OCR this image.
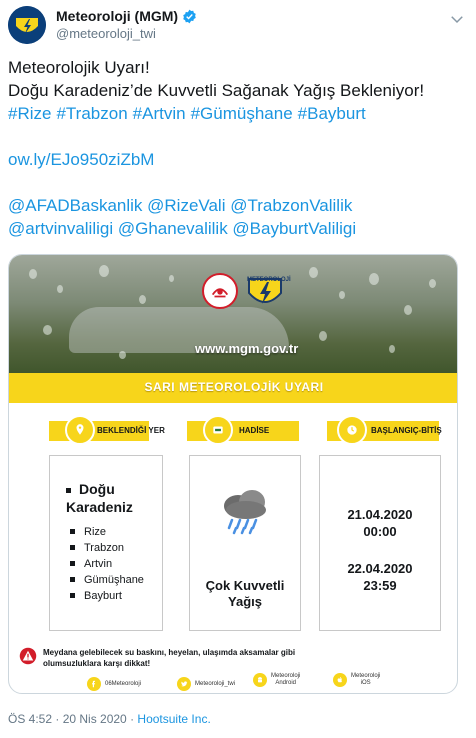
Meteoroloji (MGM)
@meteoroloji_twi
Meteorolojik Uyarı!
Doğu Karadeniz’de Kuvvetli Sağanak Yağış Bekleniyor!
#Rize #Trabzon #Artvin #Gümüşhane #Bayburt
ow.ly/EJo950ziZbM
@AFADBaskanlik @RizeVali @TrabzonValilik
@artvinvaliligi @Ghanevalilik @BayburtValiligi
METEOROLOJİ
www.mgm.gov.tr
SARI METEOROLOJİK UYARI
BEKLENDİĞİ YER	HADİSE	BAŞLANGIÇ-BİTİŞ
Doğu
Karadeniz
Rize
Trabzon
Artvin
Gümüşhane
Bayburt
Çok Kuvvetli
Yağış
21.04.2020
00:00
22.04.2020
23:59
Meydana gelebilecek su baskını, heyelan, ulaşımda aksamalar gibi
olumsuzluklara karşı dikkat!
06Meteoroloji	Meteoroloji_twi
Meteoroloji
Android
Meteoroloji
iOS
ÖS 4:52 · 20 Nis 2020 · Hootsuite Inc.
